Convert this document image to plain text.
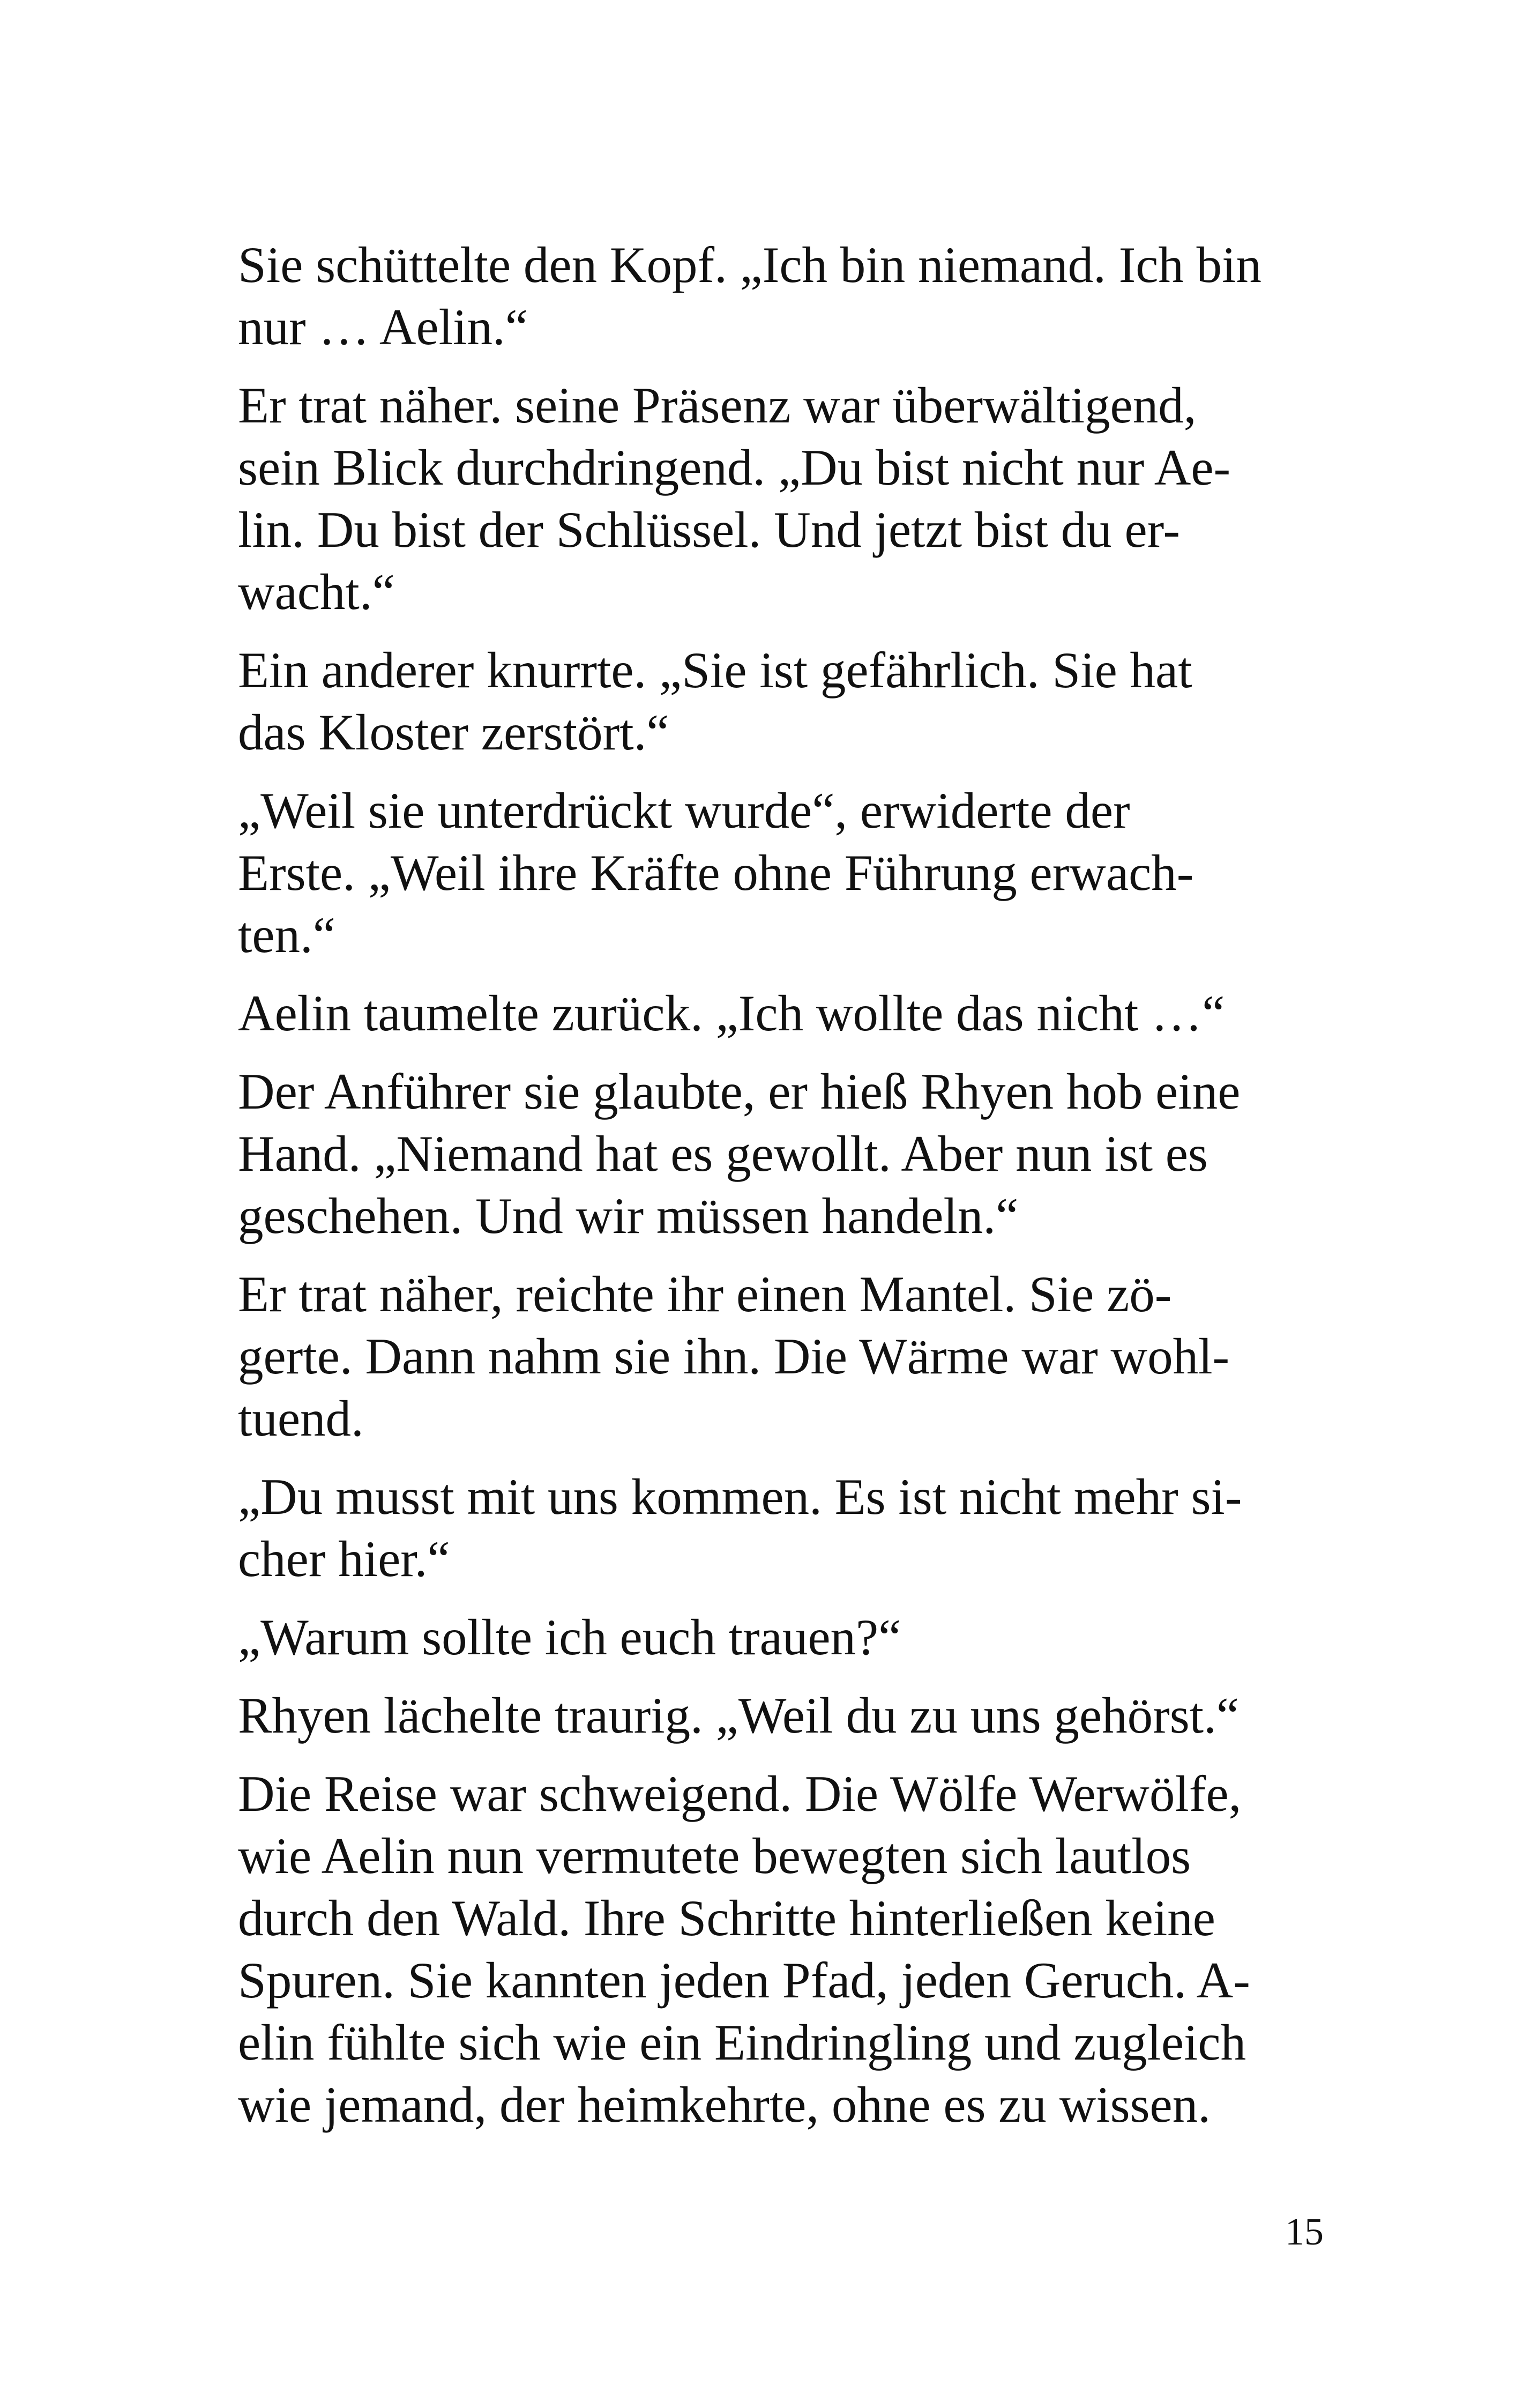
Sie schüttelte den Kopf. „Ich bin niemand. Ich bin
nur … Aelin.“

Er trat näher. seine Präsenz war überwältigend,
sein Blick durchdringend. „Du bist nicht nur Ae-
lin. Du bist der Schlüssel. Und jetzt bist du er-
wacht.“

Ein anderer knurrte. „Sie ist gefährlich. Sie hat
das Kloster zerstört.“

„Weil sie unterdrückt wurde“, erwiderte der
Erste. „Weil ihre Kräfte ohne Führung erwach-
ten.“

Aelin taumelte zurück. „Ich wollte das nicht …“

Der Anführer sie glaubte, er hieß Rhyen hob eine
Hand. „Niemand hat es gewollt. Aber nun ist es
geschehen. Und wir müssen handeln.“

Er trat näher, reichte ihr einen Mantel. Sie zö-
gerte. Dann nahm sie ihn. Die Wärme war wohl-
tuend.

„Du musst mit uns kommen. Es ist nicht mehr si-
cher hier.“

„Warum sollte ich euch trauen?“

Rhyen lächelte traurig. „Weil du zu uns gehörst.“

Die Reise war schweigend. Die Wölfe Werwölfe,
wie Aelin nun vermutete bewegten sich lautlos
durch den Wald. Ihre Schritte hinterließen keine
Spuren. Sie kannten jeden Pfad, jeden Geruch. A-
elin fühlte sich wie ein Eindringling und zugleich
wie jemand, der heimkehrte, ohne es zu wissen.

15
